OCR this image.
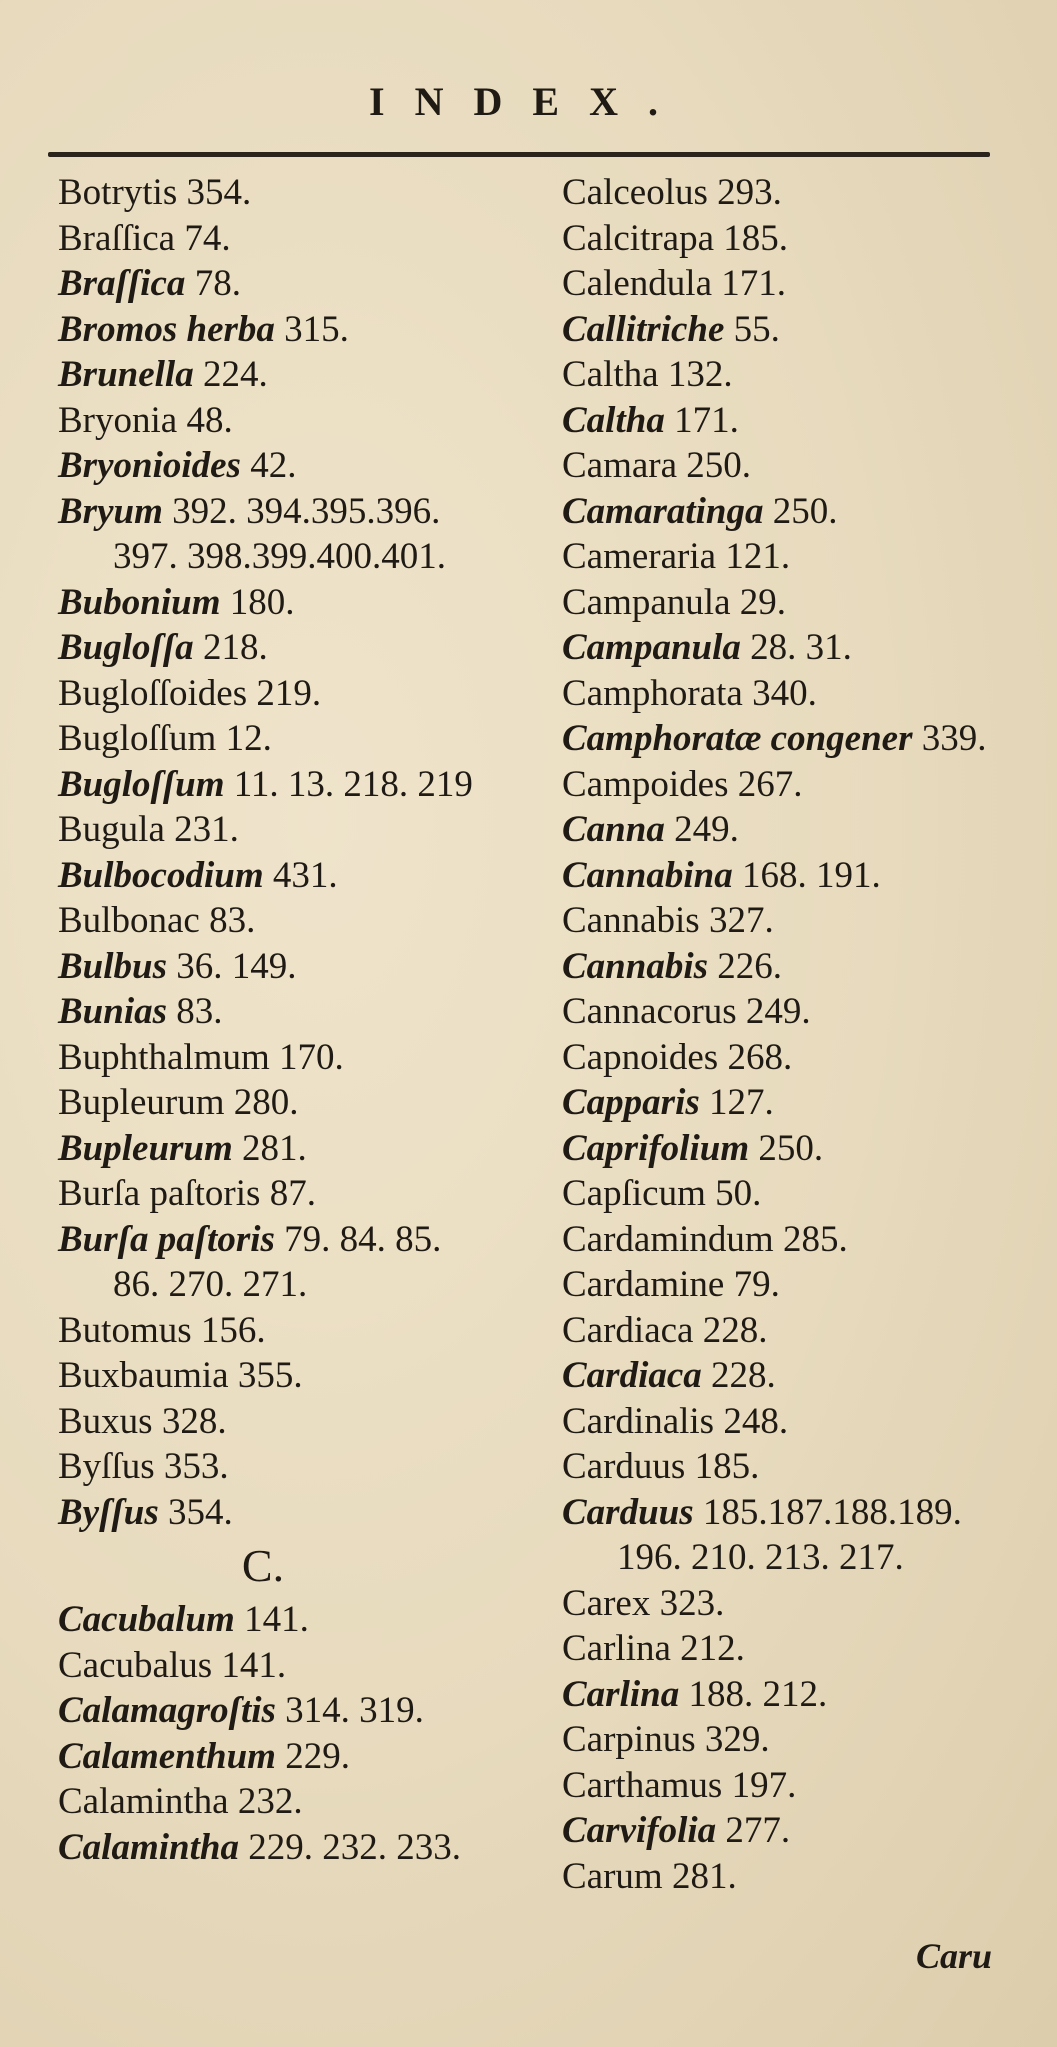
INDEX.
Botrytis 354.
Braſſica 74.
Braſſica 78.
Bromos herba 315.
Brunella 224.
Bryonia 48.
Bryonioides 42.
Bryum 392. 394.395.396.
397. 398.399.400.401.
Bubonium 180.
Bugloſſa 218.
Bugloſſoides 219.
Bugloſſum 12.
Bugloſſum 11. 13. 218. 219
Bugula 231.
Bulbocodium 431.
Bulbonac 83.
Bulbus 36. 149.
Bunias 83.
Buphthalmum 170.
Bupleurum 280.
Bupleurum 281.
Burſa paſtoris 87.
Burſa paſtoris 79. 84. 85.
86. 270. 271.
Butomus 156.
Buxbaumia 355.
Buxus 328.
Byſſus 353.
Byſſus 354.
C.
Cacubalum 141.
Cacubalus 141.
Calamagroſtis 314. 319.
Calamenthum 229.
Calamintha 232.
Calamintha 229. 232. 233.
Calceolus 293.
Calcitrapa 185.
Calendula 171.
Callitriche 55.
Caltha 132.
Caltha 171.
Camara 250.
Camaratinga 250.
Cameraria 121.
Campanula 29.
Campanula 28. 31.
Camphorata 340.
Camphoratæ congener 339.
Campoides 267.
Canna 249.
Cannabina 168. 191.
Cannabis 327.
Cannabis 226.
Cannacorus 249.
Capnoides 268.
Capparis 127.
Caprifolium 250.
Capſicum 50.
Cardamindum 285.
Cardamine 79.
Cardiaca 228.
Cardiaca 228.
Cardinalis 248.
Carduus 185.
Carduus 185.187.188.189.
196. 210. 213. 217.
Carex 323.
Carlina 212.
Carlina 188. 212.
Carpinus 329.
Carthamus 197.
Carvifolia 277.
Carum 281.
Caru
